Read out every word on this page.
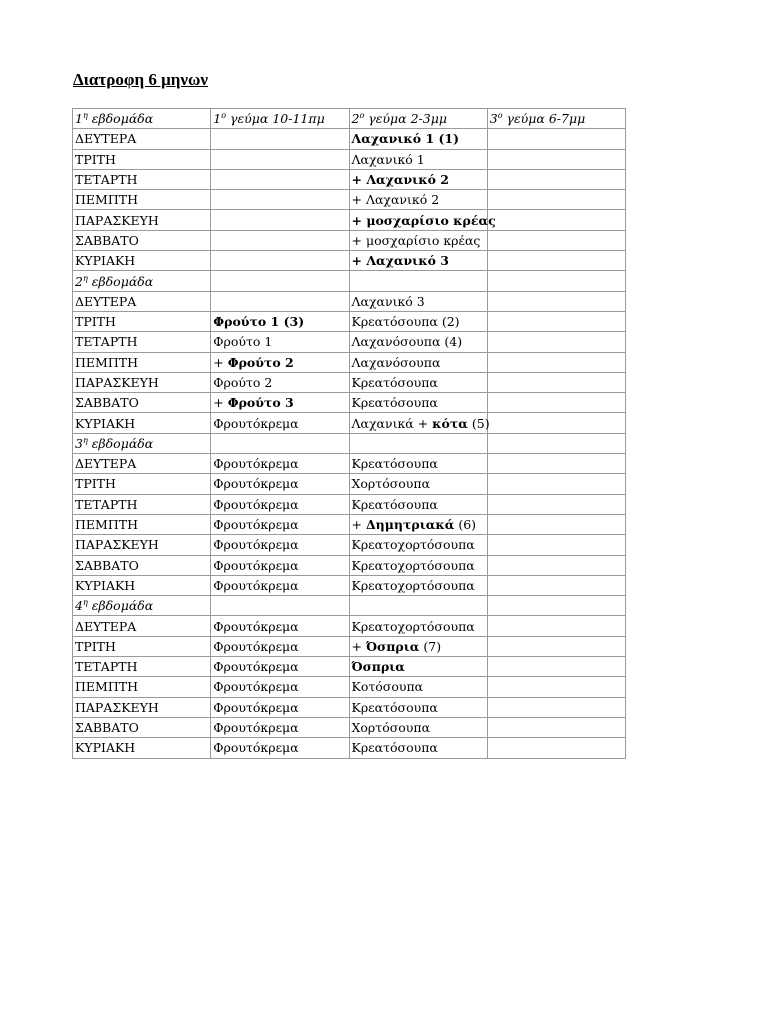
Διατροφη 6 μηνων
$1^\eta$ εβδομάδα	$1^o$ γεύμα 10-11πμ	$2^o$ γεύμα 2-3μμ	$3^o$ γεύμα 6-7μμ
ΔΕΥΤΕΡΑ		Λαχανικό 1 (1)	
ΤΡΙΤΗ		Λαχανικό 1	
ΤΕΤΑΡΤΗ		+ Λαχανικό 2	
ΠΕΜΠΤΗ		+ Λαχανικό 2	
ΠΑΡΑΣΚΕΥΗ		+ μοσχαρίσιο κρέας	
ΣΑΒΒΑΤΟ		+ μοσχαρίσιο κρέας	
ΚΥΡΙΑΚΗ		+ Λαχανικό 3	
$2^\eta$ εβδομάδα			
ΔΕΥΤΕΡΑ		Λαχανικό 3	
ΤΡΙΤΗ	Φρούτο 1 (3)	Κρεατόσουπα (2)	
ΤΕΤΑΡΤΗ	Φρούτο 1	Λαχανόσουπα (4)	
ΠΕΜΠΤΗ	+ Φρούτο 2	Λαχανόσουπα	
ΠΑΡΑΣΚΕΥΗ	Φρούτο 2	Κρεατόσουπα	
ΣΑΒΒΑΤΟ	+ Φρούτο 3	Κρεατόσουπα	
ΚΥΡΙΑΚΗ	Φρουτόκρεμα	Λαχανικά + κότα (5)	
$3^\eta$ εβδομάδα			
ΔΕΥΤΕΡΑ	Φρουτόκρεμα	Κρεατόσουπα	
ΤΡΙΤΗ	Φρουτόκρεμα	Χορτόσουπα	
ΤΕΤΑΡΤΗ	Φρουτόκρεμα	Κρεατόσουπα	
ΠΕΜΠΤΗ	Φρουτόκρεμα	+ Δημητριακά (6)	
ΠΑΡΑΣΚΕΥΗ	Φρουτόκρεμα	Κρεατοχορτόσουπα	
ΣΑΒΒΑΤΟ	Φρουτόκρεμα	Κρεατοχορτόσουπα	
ΚΥΡΙΑΚΗ	Φρουτόκρεμα	Κρεατοχορτόσουπα	
$4^\eta$ εβδομάδα			
ΔΕΥΤΕΡΑ	Φρουτόκρεμα	Κρεατοχορτόσουπα	
ΤΡΙΤΗ	Φρουτόκρεμα	+ Όσπρια (7)	
ΤΕΤΑΡΤΗ	Φρουτόκρεμα	Όσπρια	
ΠΕΜΠΤΗ	Φρουτόκρεμα	Κοτόσουπα	
ΠΑΡΑΣΚΕΥΗ	Φρουτόκρεμα	Κρεατόσουπα	
ΣΑΒΒΑΤΟ	Φρουτόκρεμα	Χορτόσουπα	
ΚΥΡΙΑΚΗ	Φρουτόκρεμα	Κρεατόσουπα	
